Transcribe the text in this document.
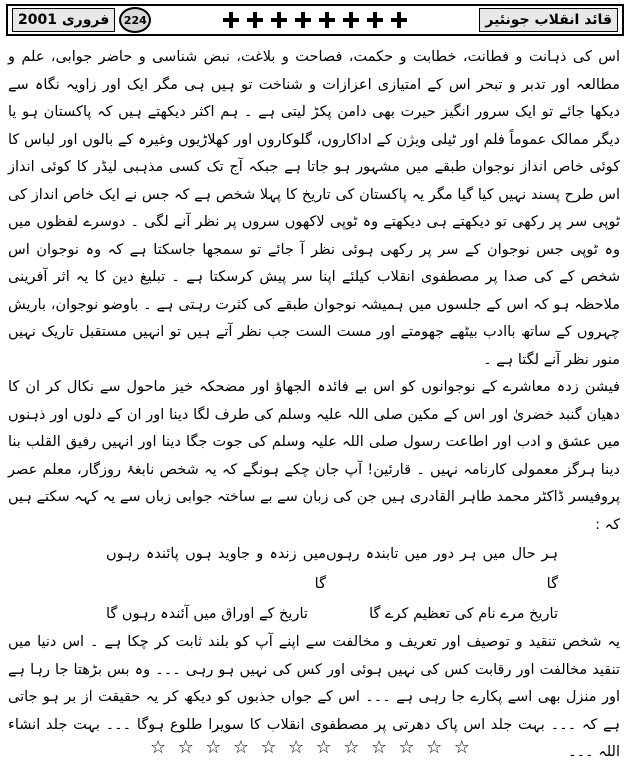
فروری 2001	224	قائد انقلاب جونئیر

اس کی ذہانت و فطانت، خطابت و حکمت، فصاحت و بلاغت، نبض شناسی و حاضر جوابی، علم و مطالعہ اور تدبر و تبحر اس کے امتیازی اعزازات و شناخت تو ہیں ہی مگر ایک اور زاویہ نگاہ سے دیکھا جائے تو ایک سرور انگیز حیرت بھی دامن پکڑ لیتی ہے ۔ ہم اکثر دیکھتے ہیں کہ پاکستان ہو یا دیگر ممالک عموماً فلم اور ٹیلی ویژن کے اداکاروں، گلوکاروں اور کھلاڑیوں وغیرہ کے بالوں اور لباس کا کوئی خاص انداز نوجوان طبقے میں مشہور ہو جاتا ہے جبکہ آج تک کسی مذہبی لیڈر کا کوئی انداز اس طرح پسند نہیں کیا گیا مگر یہ پاکستان کی تاریخ کا پہلا شخص ہے کہ جس نے ایک خاص انداز کی ٹوپی سر پر رکھی تو دیکھتے ہی دیکھتے وہ ٹوپی لاکھوں سروں پر نظر آنے لگی ۔ دوسرے لفظوں میں وہ ٹوپی جس نوجوان کے سر پر رکھی ہوئی نظر آ جائے تو سمجھا جاسکتا ہے کہ وہ نوجوان اس شخص کے کی صدا پر مصطفوی انقلاب کیلئے اپنا سر پیش کرسکتا ہے ۔ تبلیغ دین کا یہ اثر آفرینی ملاحظہ ہو کہ اس کے جلسوں میں ہمیشہ نوجوان طبقے کی کثرت رہتی ہے ۔ باوضو نوجوان، باریش چہروں کے ساتھ باادب بیٹھے جھومتے اور مست الست جب نظر آتے ہیں تو انہیں مستقبل تاریک نہیں منور نظر آنے لگتا ہے ۔

فیشن زدہ معاشرے کے نوجوانوں کو اس بے فائدہ الجھاؤ اور مضحکہ خیز ماحول سے نکال کر ان کا دھیان گنبد خضریٰ اور اس کے مکین صلی اللہ علیہ وسلم کی طرف لگا دینا اور ان کے دلوں اور ذہنوں میں عشق و ادب اور اطاعت رسول صلی اللہ علیہ وسلم کی جوت جگا دینا اور انہیں رفیق القلب بنا دینا ہرگز معمولی کارنامہ نہیں ۔ قارئین! آپ جان چکے ہونگے کہ یہ شخص نابغۂ روزگار، معلم عصر پروفیسر ڈاکٹر محمد طاہر القادری ہیں جن کی زبان سے بے ساختہ جوابی زباں سے یہ کہہ سکتے ہیں کہ :

ہر حال میں ہر دور میں تابندہ رہوں گا
میں زندہ و جاوید ہوں پائندہ رہوں گا
تاریخ مرے نام کی تعظیم کرے گا
تاریخ کے اوراق میں آئندہ رہوں گا

یہ شخص تنقید و توصیف اور تعریف و مخالفت سے اپنے آپ کو بلند ثابت کر چکا ہے ۔ اس دنیا میں تنقید مخالفت اور رقابت کس کی نہیں ہوئی اور کس کی نہیں ہو رہی ۔۔۔ وہ بس بڑھتا جا رہا ہے اور منزل بھی اسے پکارے جا رہی ہے ۔۔۔ اس کے جواں جذبوں کو دیکھ کر یہ حقیقت از بر ہو جاتی ہے کہ ۔۔۔ بہت جلد اس پاک دھرتی پر مصطفوی انقلاب کا سویرا طلوع ہوگا ۔۔۔ بہت جلد انشاء اللہ ۔۔۔

☆ ☆ ☆ ☆ ☆ ☆ ☆ ☆ ☆ ☆ ☆ ☆
